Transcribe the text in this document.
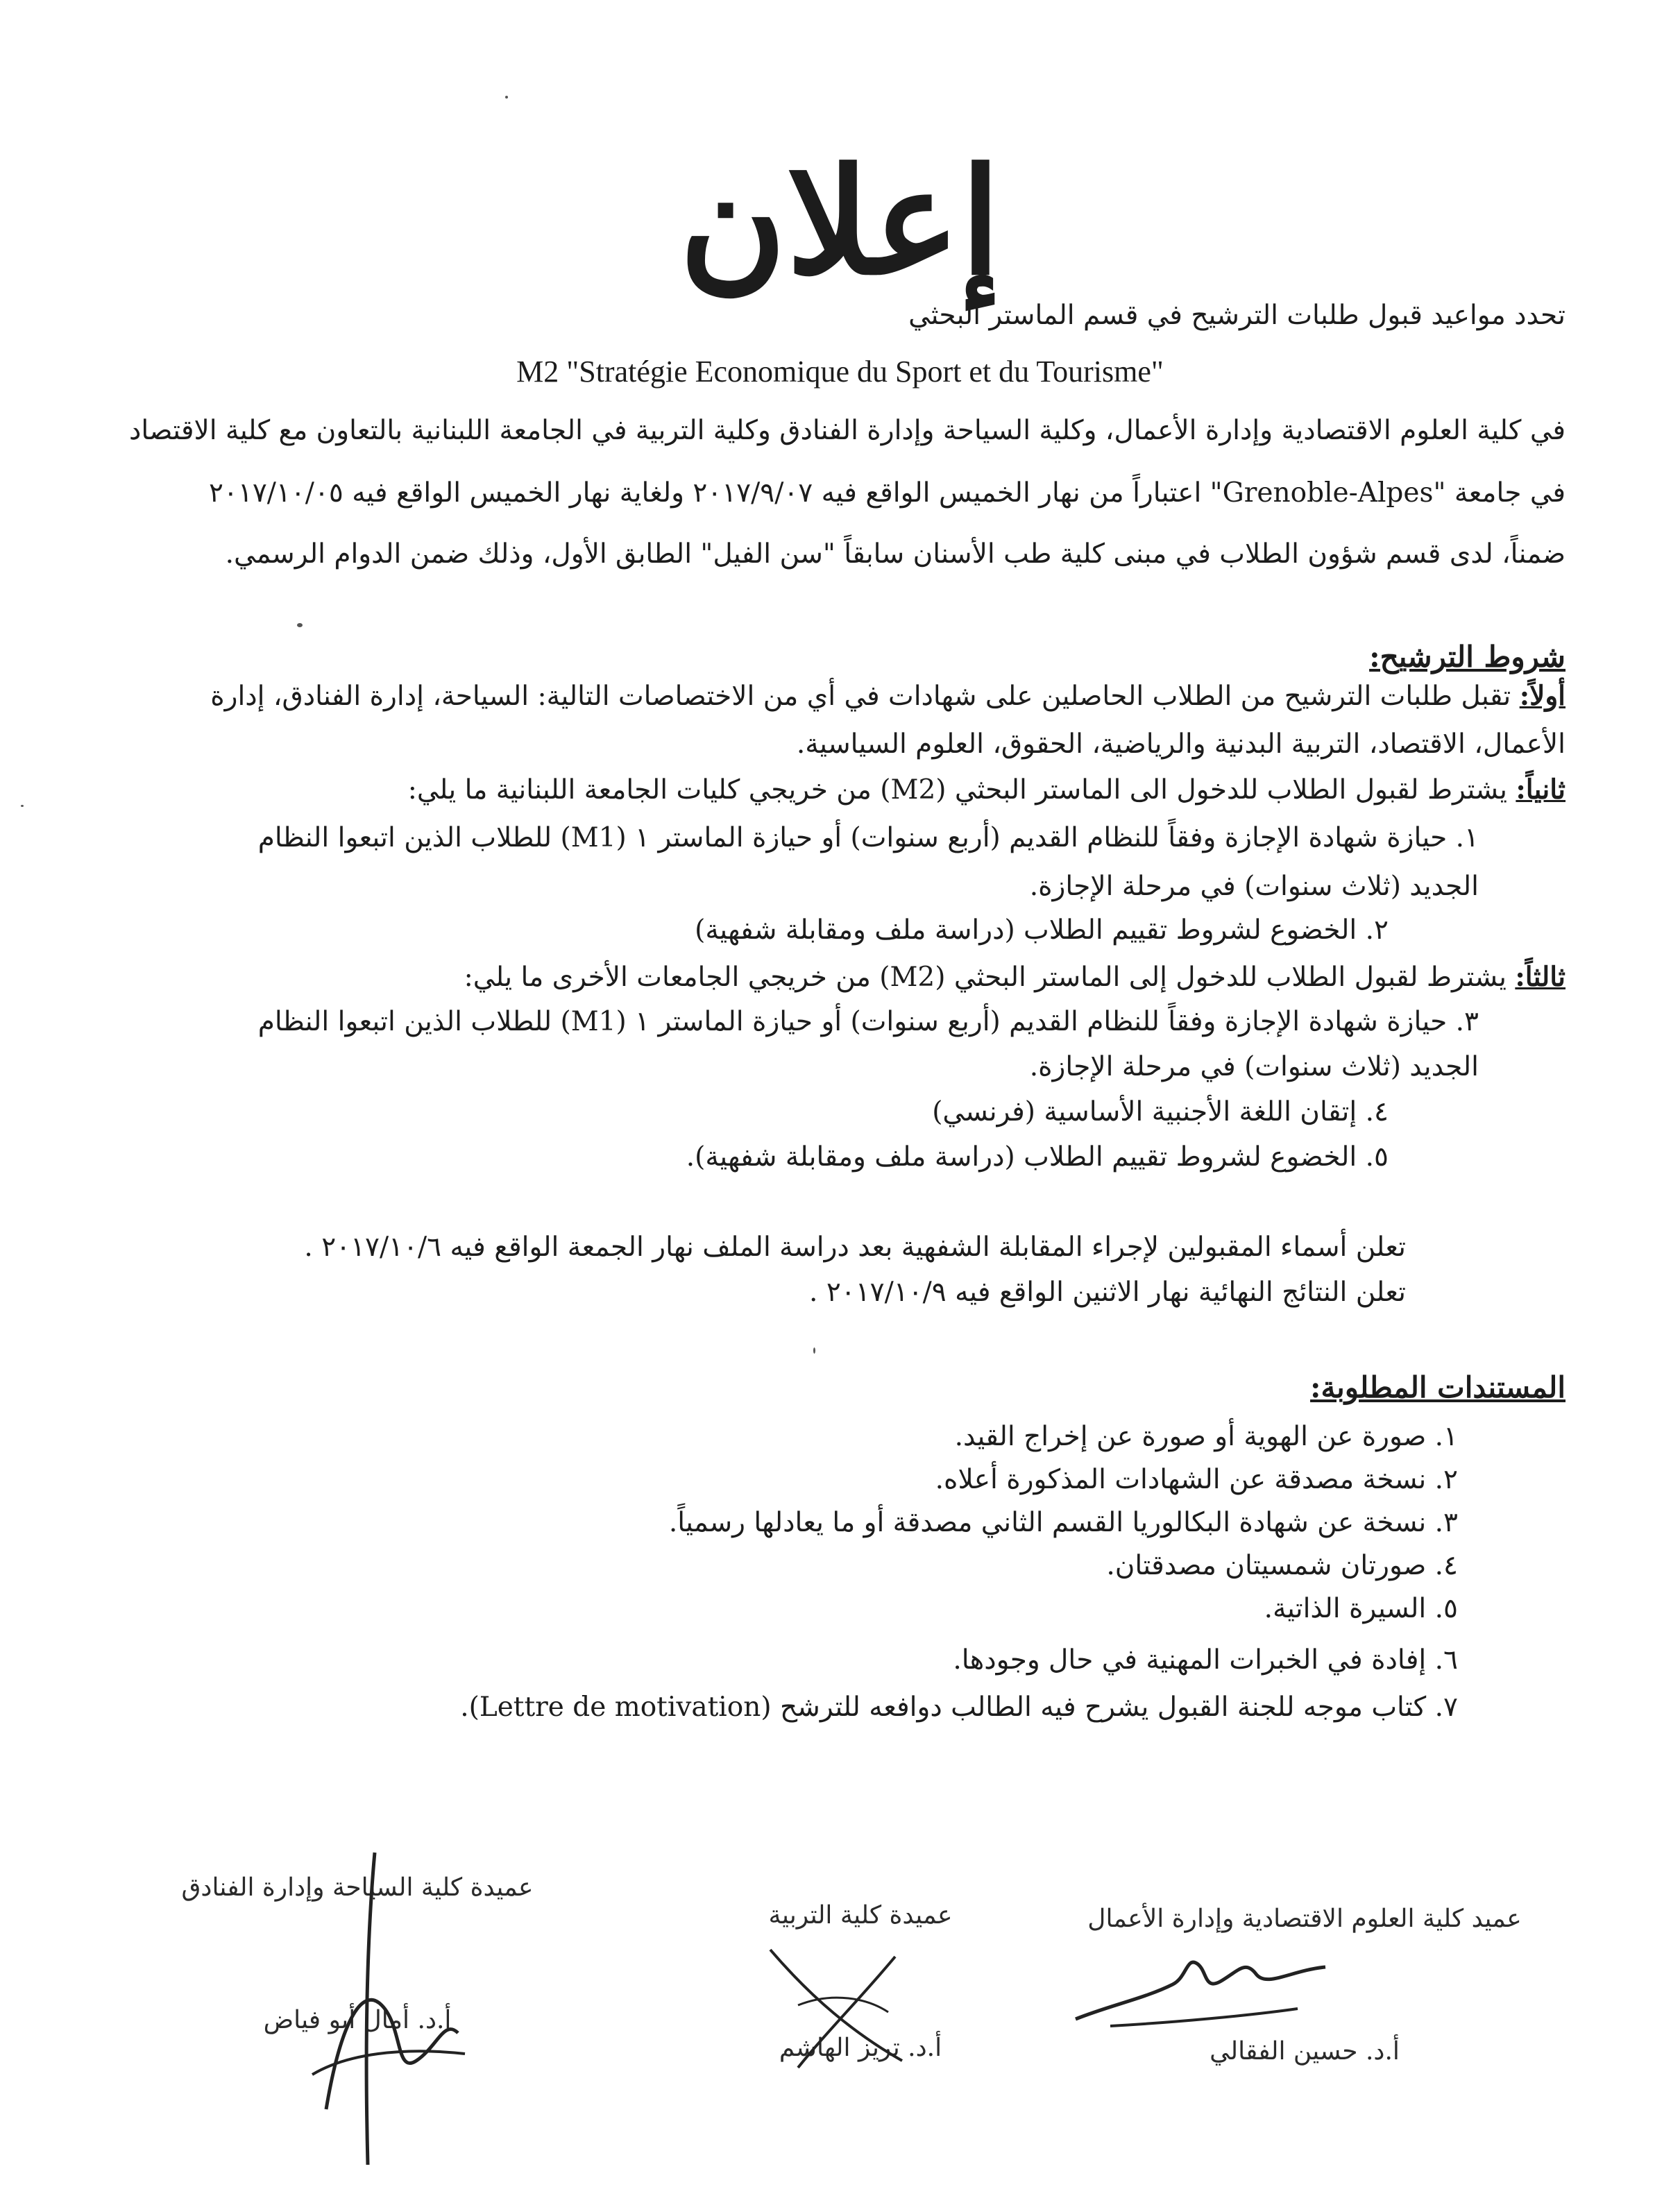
إعلان
تحدد مواعيد قبول طلبات الترشيح في قسم الماستر البحثي
M2 "Stratégie Economique du Sport et du Tourisme"
في كلية العلوم الاقتصادية وإدارة الأعمال، وكلية السياحة وإدارة الفنادق وكلية التربية في الجامعة اللبنانية بالتعاون مع كلية الاقتصاد
في جامعة "Grenoble-Alpes" اعتباراً من نهار الخميس الواقع فيه ٢٠١٧/٩/٠٧ ولغاية نهار الخميس الواقع فيه ٢٠١٧/١٠/٠٥
ضمناً، لدى قسم شؤون الطلاب في مبنى كلية طب الأسنان سابقاً "سن الفيل" الطابق الأول، وذلك ضمن الدوام الرسمي.
شروط الترشيح:
أولاً: تقبل طلبات الترشيح من الطلاب الحاصلين على شهادات في أي من الاختصاصات التالية: السياحة، إدارة الفنادق، إدارة
الأعمال، الاقتصاد، التربية البدنية والرياضية، الحقوق، العلوم السياسية.
ثانياً: يشترط لقبول الطلاب للدخول الى الماستر البحثي (M2) من خريجي كليات الجامعة اللبنانية ما يلي:
١. حيازة شهادة الإجازة وفقاً للنظام القديم (أربع سنوات) أو حيازة الماستر ١ (M1) للطلاب الذين اتبعوا النظام
الجديد (ثلاث سنوات) في مرحلة الإجازة.
٢. الخضوع لشروط تقييم الطلاب (دراسة ملف ومقابلة شفهية)
ثالثاً: يشترط لقبول الطلاب للدخول إلى الماستر البحثي (M2) من خريجي الجامعات الأخرى ما يلي:
٣. حيازة شهادة الإجازة وفقاً للنظام القديم (أربع سنوات) أو حيازة الماستر ١ (M1) للطلاب الذين اتبعوا النظام
الجديد (ثلاث سنوات) في مرحلة الإجازة.
٤. إتقان اللغة الأجنبية الأساسية (فرنسي)
٥. الخضوع لشروط تقييم الطلاب (دراسة ملف ومقابلة شفهية).
تعلن أسماء المقبولين لإجراء المقابلة الشفهية بعد دراسة الملف نهار الجمعة الواقع فيه ٢٠١٧/١٠/٦ .
تعلن النتائج النهائية نهار الاثنين الواقع فيه ٢٠١٧/١٠/٩ .
المستندات المطلوبة:
١. صورة عن الهوية أو صورة عن إخراج القيد.
٢. نسخة مصدقة عن الشهادات المذكورة أعلاه.
٣. نسخة عن شهادة البكالوريا القسم الثاني مصدقة أو ما يعادلها رسمياً.
٤. صورتان شمسيتان مصدقتان.
٥. السيرة الذاتية.
٦. إفادة في الخبرات المهنية في حال وجودها.
٧. كتاب موجه للجنة القبول يشرح فيه الطالب دوافعه للترشح (Lettre de motivation).
عميدة كلية السياحة وإدارة الفنادق
أ.د. أمال أبو فياض
عميدة كلية التربية
أ.د. تريز الهاشم
عميد كلية العلوم الاقتصادية وإدارة الأعمال
أ.د. حسين الفقالي
